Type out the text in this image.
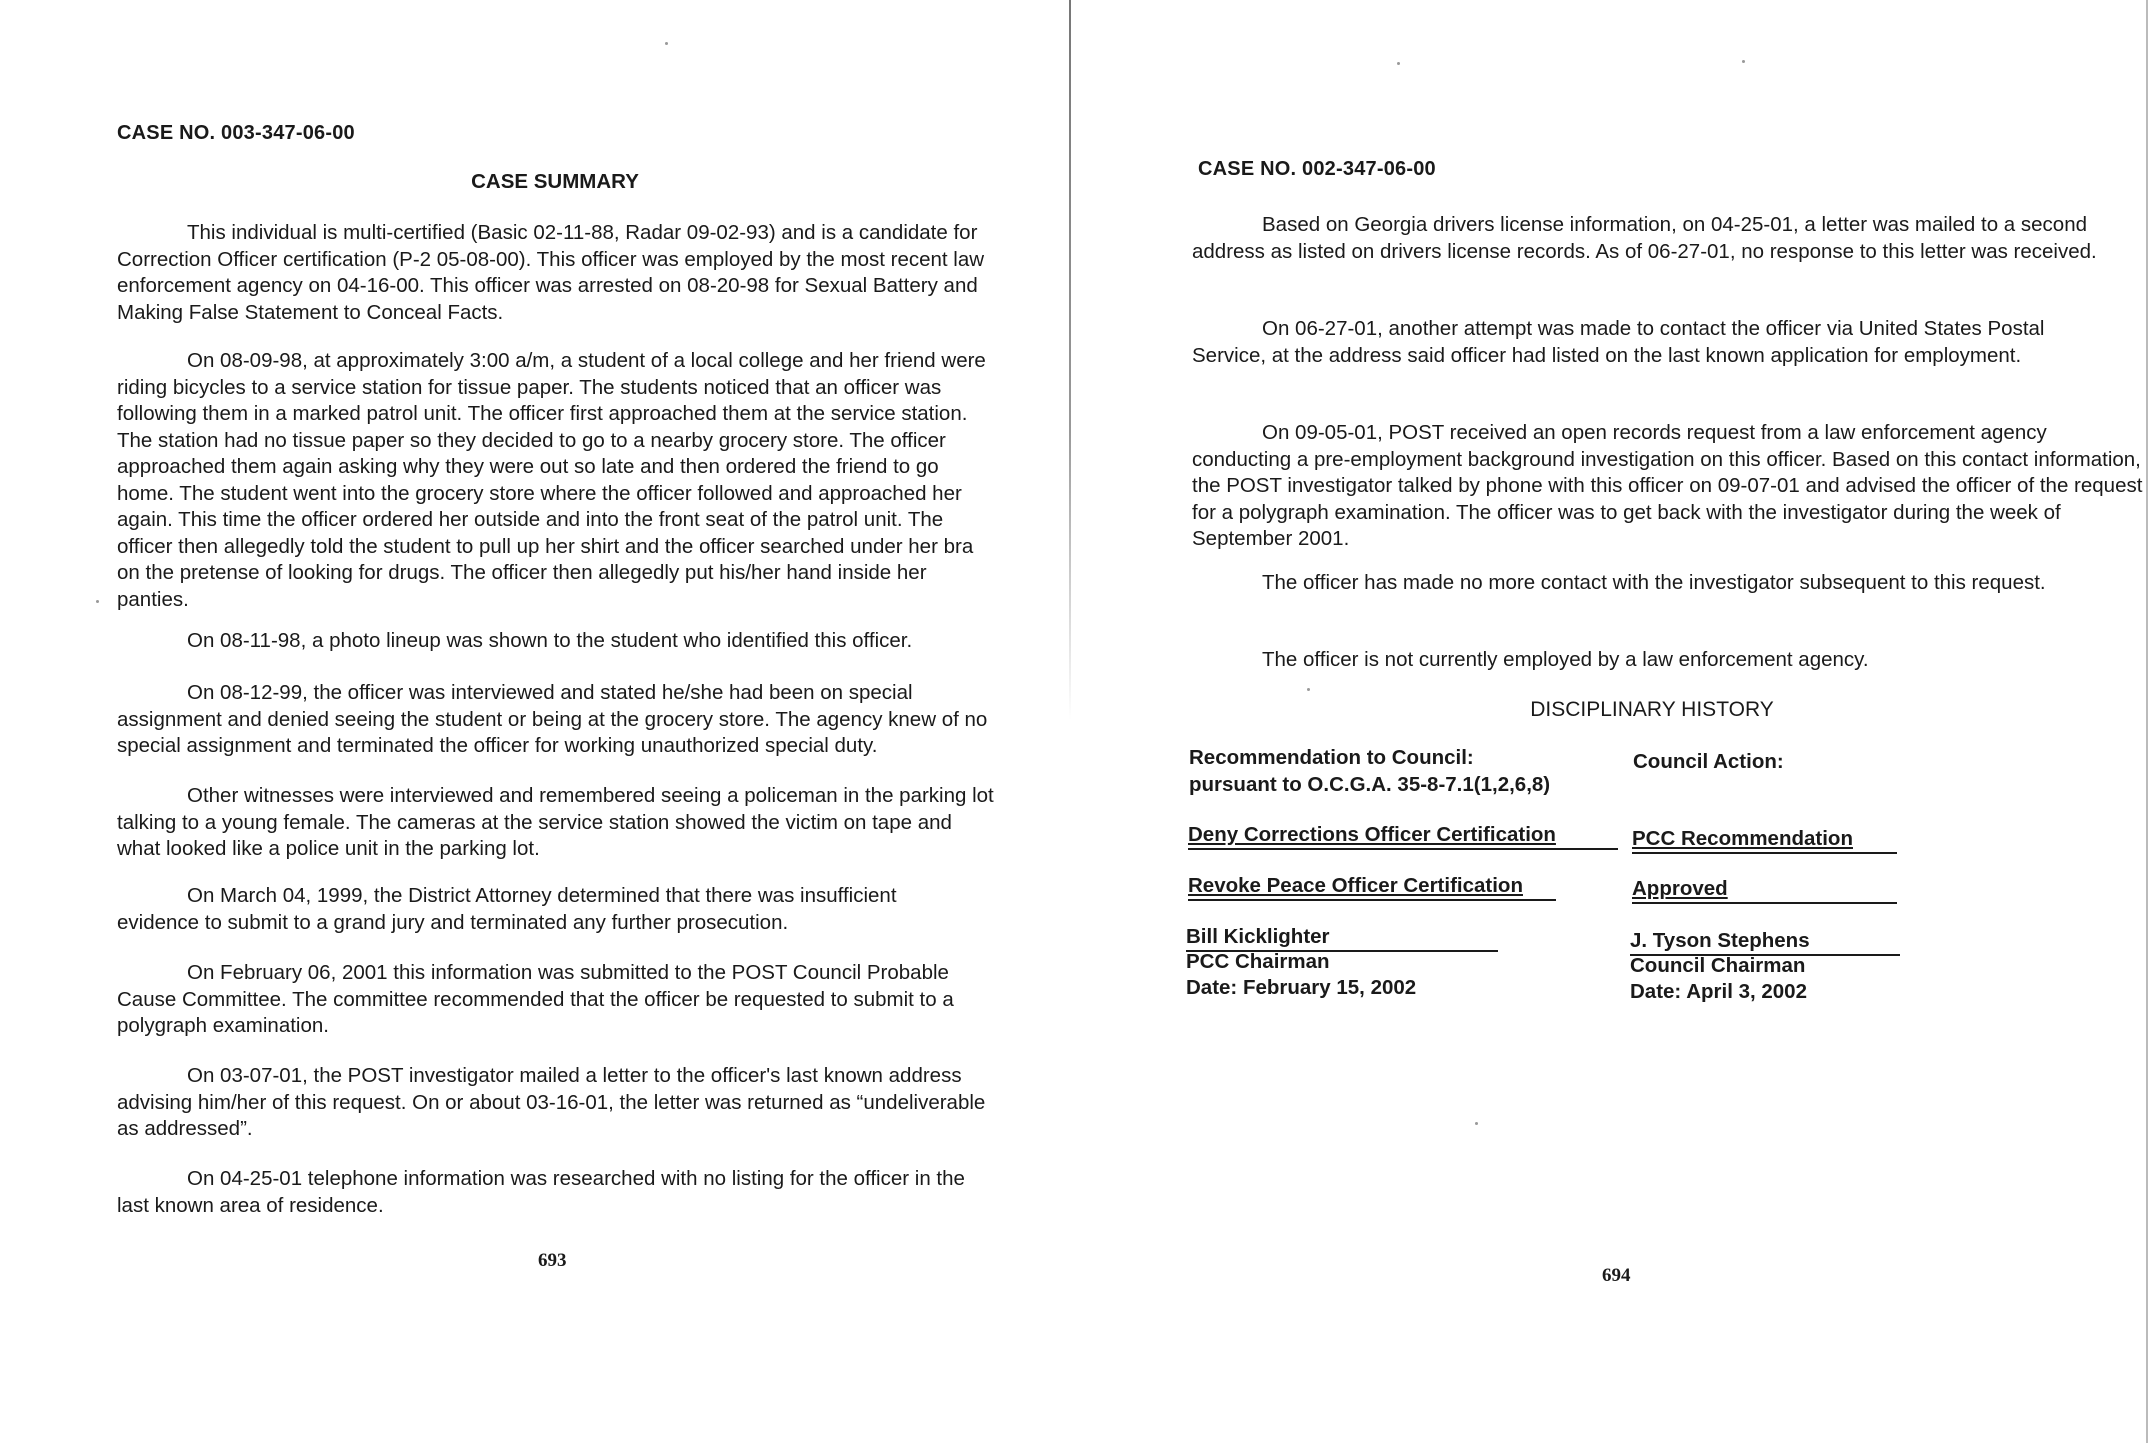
CASE NO. 003-347-06-00
CASE SUMMARY

This individual is multi-certified (Basic 02-11-88, Radar 09-02-93) and is a candidate for Correction Officer certification (P-2 05-08-00). This officer was employed by the most recent law enforcement agency on 04-16-00. This officer was arrested on 08-20-98 for Sexual Battery and Making False Statement to Conceal Facts.

On 08-09-98, at approximately 3:00 a/m, a student of a local college and her friend were riding bicycles to a service station for tissue paper. The students noticed that an officer was following them in a marked patrol unit. The officer first approached them at the service station. The station had no tissue paper so they decided to go to a nearby grocery store. The officer approached them again asking why they were out so late and then ordered the friend to go home. The student went into the grocery store where the officer followed and approached her again. This time the officer ordered her outside and into the front seat of the patrol unit. The officer then allegedly told the student to pull up her shirt and the officer searched under her bra on the pretense of looking for drugs. The officer then allegedly put his/her hand inside her panties.

On 08-11-98, a photo lineup was shown to the student who identified this officer.

On 08-12-99, the officer was interviewed and stated he/she had been on special assignment and denied seeing the student or being at the grocery store. The agency knew of no special assignment and terminated the officer for working unauthorized special duty.

Other witnesses were interviewed and remembered seeing a policeman in the parking lot talking to a young female. The cameras at the service station showed the victim on tape and what looked like a police unit in the parking lot.

On March 04, 1999, the District Attorney determined that there was insufficient evidence to submit to a grand jury and terminated any further prosecution.

On February 06, 2001 this information was submitted to the POST Council Probable Cause Committee. The committee recommended that the officer be requested to submit to a polygraph examination.

On 03-07-01, the POST investigator mailed a letter to the officer's last known address advising him/her of this request. On or about 03-16-01, the letter was returned as “undeliverable as addressed”.

On 04-25-01 telephone information was researched with no listing for the officer in the last known area of residence.

693
CASE NO. 002-347-06-00

Based on Georgia drivers license information, on 04-25-01, a letter was mailed to a second address as listed on drivers license records. As of 06-27-01, no response to this letter was received.

On 06-27-01, another attempt was made to contact the officer via United States Postal Service, at the address said officer had listed on the last known application for employment.

On 09-05-01, POST received an open records request from a law enforcement agency conducting a pre-employment background investigation on this officer. Based on this contact information, the POST investigator talked by phone with this officer on 09-07-01 and advised the officer of the request for a polygraph examination. The officer was to get back with the investigator during the week of September 2001.

The officer has made no more contact with the investigator subsequent to this request.

The officer is not currently employed by a law enforcement agency.

DISCIPLINARY HISTORY
Recommendation to Council:
pursuant to O.C.G.A. 35-8-7.1(1,2,6,8)
Council Action:
Deny Corrections Officer Certification	PCC Recommendation
Revoke Peace Officer Certification	Approved
Bill Kicklighter
PCC Chairman
Date: February 15, 2002
J. Tyson Stephens
Council Chairman
Date: April 3, 2002
694
